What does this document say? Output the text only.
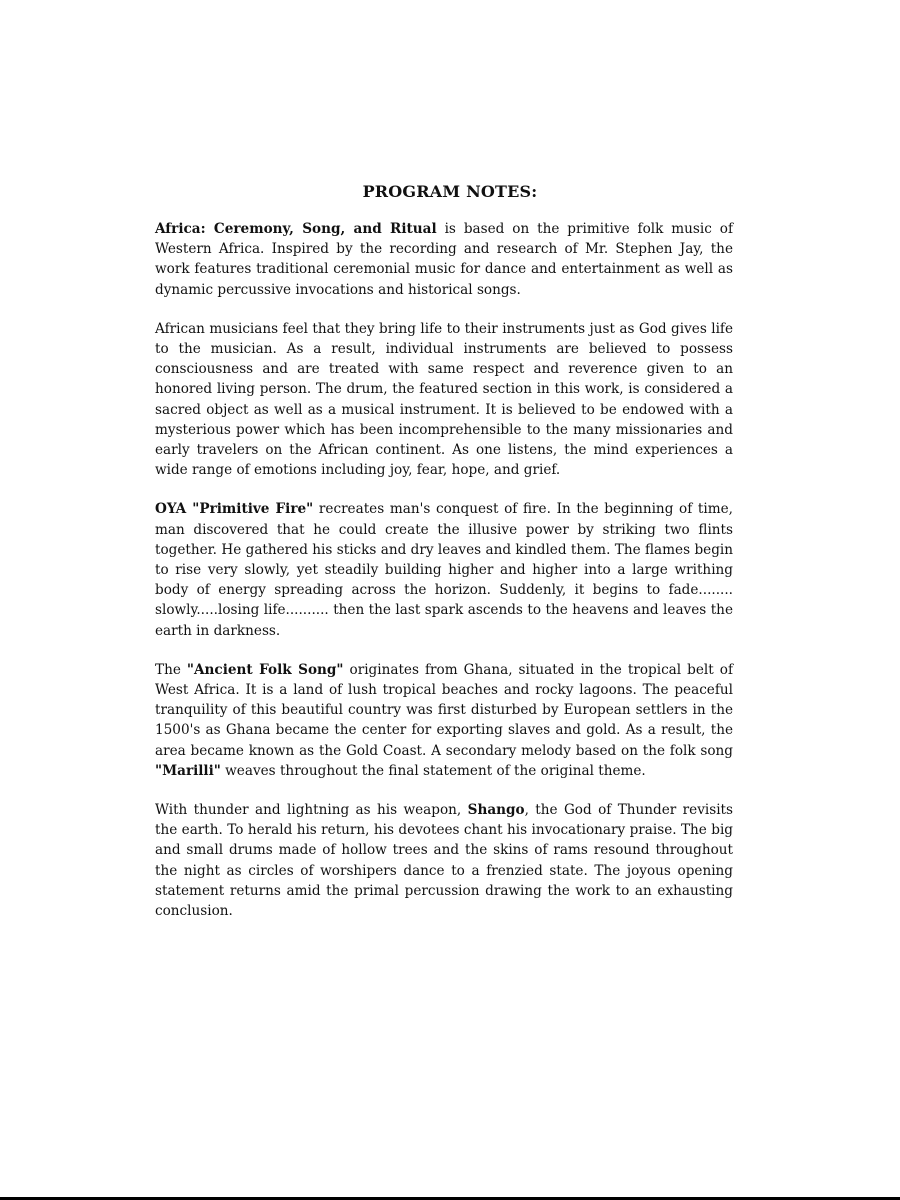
PROGRAM NOTES:

Africa: Ceremony, Song, and Ritual is based on the primitive folk music of Western Africa. Inspired by the recording and research of Mr. Stephen Jay, the work features traditional ceremonial music for dance and entertainment as well as dynamic percussive invocations and historical songs.

African musicians feel that they bring life to their instruments just as God gives life to the musician. As a result, individual instruments are believed to possess consciousness and are treated with same respect and reverence given to an honored living person. The drum, the featured section in this work, is considered a sacred object as well as a musical instrument. It is believed to be endowed with a mysterious power which has been incomprehensible to the many missionaries and early travelers on the African continent. As one listens, the mind experiences a wide range of emotions including joy, fear, hope, and grief.

OYA "Primitive Fire" recreates man's conquest of fire. In the beginning of time, man discovered that he could create the illusive power by striking two flints together. He gathered his sticks and dry leaves and kindled them. The flames begin to rise very slowly, yet steadily building higher and higher into a large writhing body of energy spreading across the horizon. Suddenly, it begins to fade........ slowly.....losing life.......... then the last spark ascends to the heavens and leaves the earth in darkness.

The "Ancient Folk Song" originates from Ghana, situated in the tropical belt of West Africa. It is a land of lush tropical beaches and rocky lagoons. The peaceful tranquility of this beautiful country was first disturbed by European settlers in the 1500's as Ghana became the center for exporting slaves and gold. As a result, the area became known as the Gold Coast. A secondary melody based on the folk song "Marilli" weaves throughout the final statement of the original theme.

With thunder and lightning as his weapon, Shango, the God of Thunder revisits the earth. To herald his return, his devotees chant his invocationary praise. The big and small drums made of hollow trees and the skins of rams resound throughout the night as circles of worshipers dance to a frenzied state. The joyous opening statement returns amid the primal percussion drawing the work to an exhausting conclusion.
